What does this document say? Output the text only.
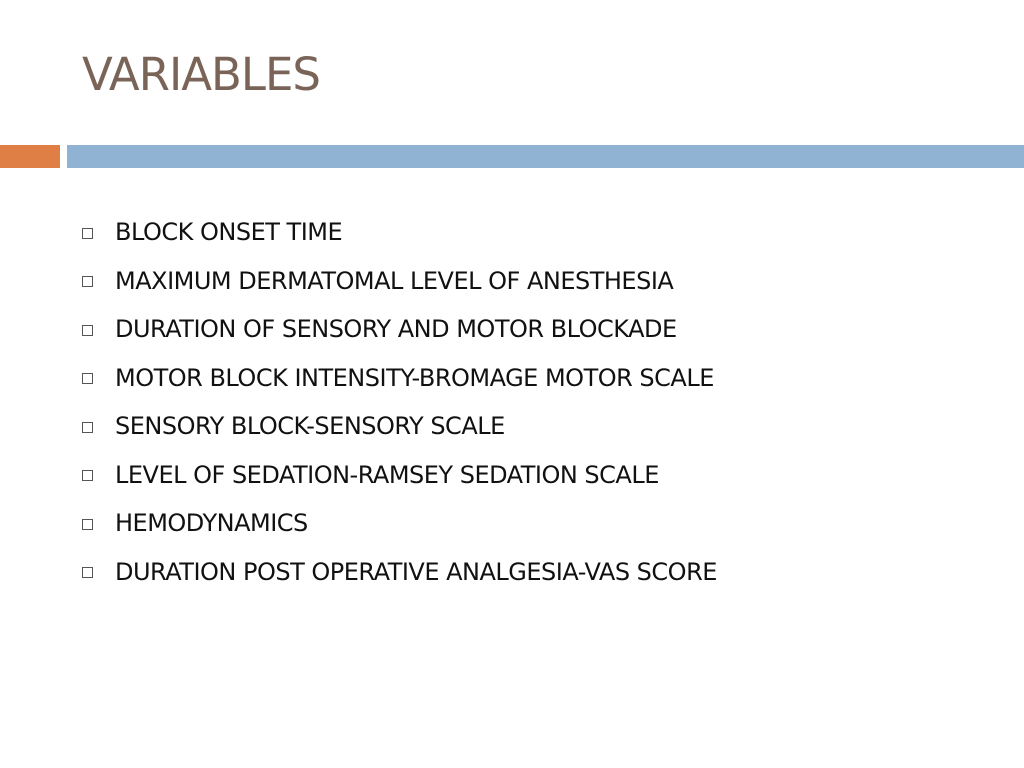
VARIABLES
BLOCK ONSET TIME
MAXIMUM DERMATOMAL LEVEL OF ANESTHESIA
DURATION OF SENSORY AND MOTOR BLOCKADE
MOTOR BLOCK INTENSITY-BROMAGE MOTOR SCALE
SENSORY BLOCK-SENSORY SCALE
LEVEL OF SEDATION-RAMSEY SEDATION SCALE
HEMODYNAMICS
DURATION POST OPERATIVE ANALGESIA-VAS SCORE
